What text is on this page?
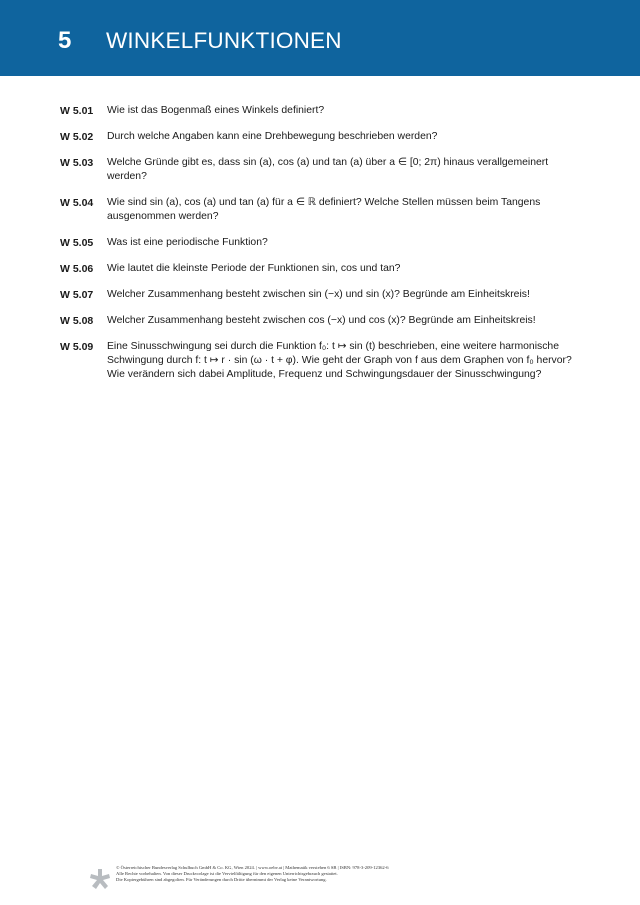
5 WINKELFUNKTIONEN
W 5.01	Wie ist das Bogenmaß eines Winkels definiert?
W 5.02	Durch welche Angaben kann eine Drehbewegung beschrieben werden?
W 5.03	Welche Gründe gibt es, dass sin (a), cos (a) und tan (a) über a ∈ [0; 2π) hinaus verallgemeinert werden?
W 5.04	Wie sind sin (a), cos (a) und tan (a) für a ∈ ℝ definiert? Welche Stellen müssen beim Tangens ausgenommen werden?
W 5.05	Was ist eine periodische Funktion?
W 5.06	Wie lautet die kleinste Periode der Funktionen sin, cos und tan?
W 5.07	Welcher Zusammenhang besteht zwischen sin (−x) und sin (x)? Begründe am Einheitskreis!
W 5.08	Welcher Zusammenhang besteht zwischen cos (−x) und cos (x)? Begründe am Einheitskreis!
W 5.09	Eine Sinusschwingung sei durch die Funktion f₀: t ↦ sin (t) beschrieben, eine weitere harmonische Schwingung durch f: t ↦ r · sin (ω · t + φ). Wie geht der Graph von f aus dem Graphen von f₀ hervor? Wie verändern sich dabei Amplitude, Frequenz und Schwingungsdauer der Sinusschwingung?
© Österreichischer Bundesverlag Schulbuch GmbH & Co. KG, Wien 2024. | www.oebv.at | Mathematik verstehen 6 SB | ISBN: 978-3-209-12362-6
Alle Rechte vorbehalten. Von dieser Druckvorlage ist die Vervielfältigung für den eigenen Unterrichtsgebrauch gestattet.
Die Kopiergebühren sind abgegolten. Für Veränderungen durch Dritte übernimmt der Verlag keine Verantwortung.
